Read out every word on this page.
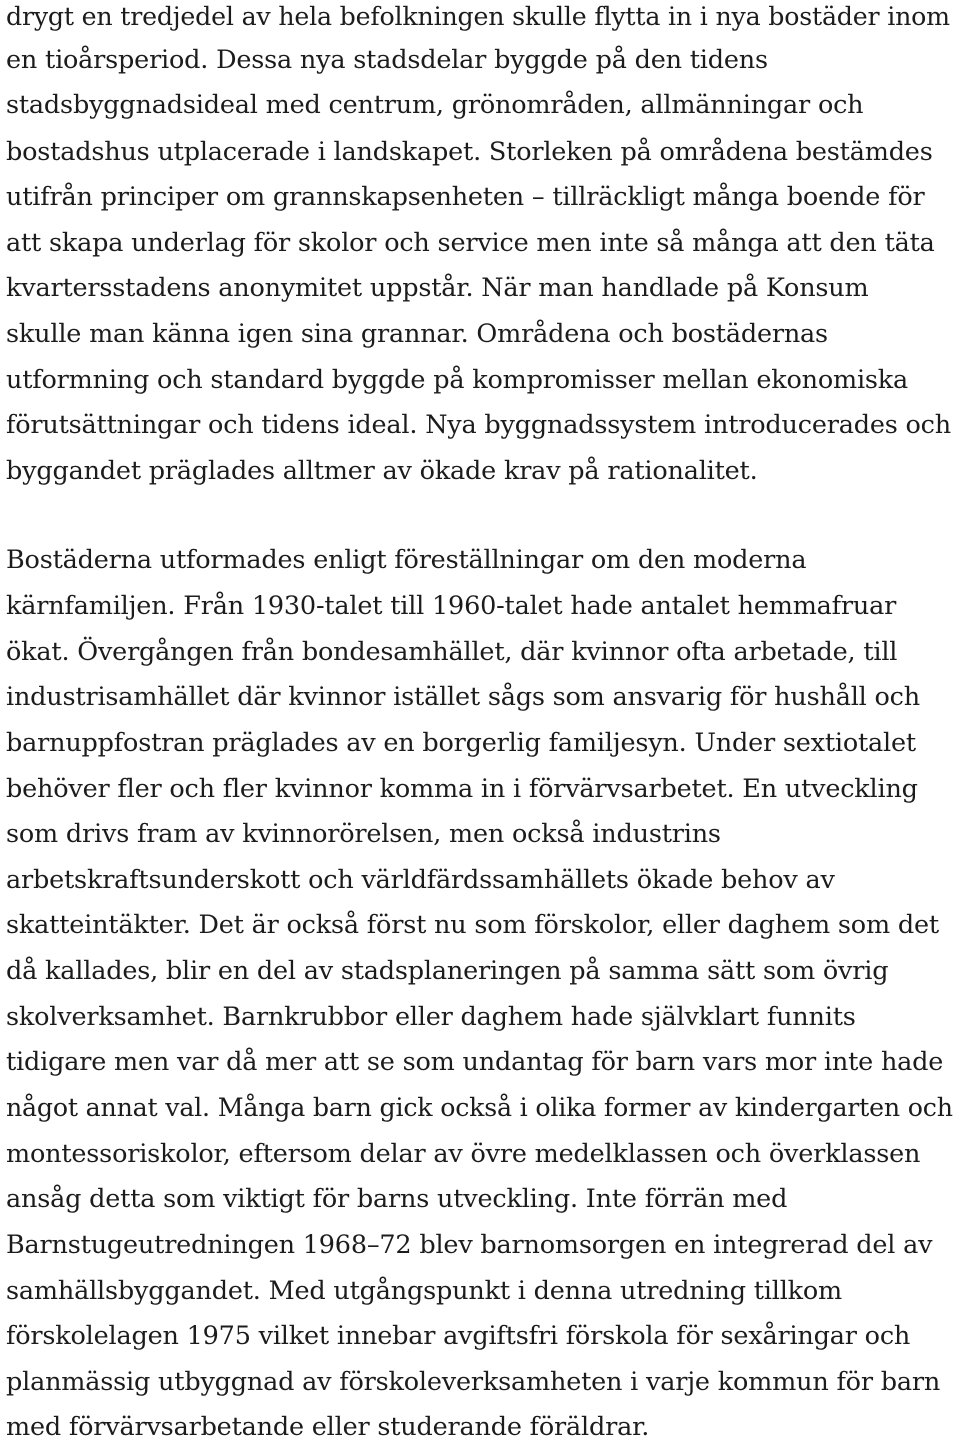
drygt en tredjedel av hela befolkningen skulle flytta in i nya bostäder inom

en tioårsperiod. Dessa nya stadsdelar byggde på den tidens

stadsbyggnadsideal med centrum, grönområden, allmänningar och

bostadshus utplacerade i landskapet. Storleken på områdena bestämdes

utifrån principer om grannskapsenheten – tillräckligt många boende för

att skapa underlag för skolor och service men inte så många att den täta

kvartersstadens anonymitet uppstår. När man handlade på Konsum

skulle man känna igen sina grannar. Områdena och bostädernas

utformning och standard byggde på kompromisser mellan ekonomiska

förutsättningar och tidens ideal. Nya byggnadssystem introducerades och

byggandet präglades alltmer av ökade krav på rationalitet.

Bostäderna utformades enligt föreställningar om den moderna

kärnfamiljen. Från 1930-talet till 1960-talet hade antalet hemmafruar

ökat. Övergången från bondesamhället, där kvinnor ofta arbetade, till

industrisamhället där kvinnor istället sågs som ansvarig för hushåll och

barnuppfostran präglades av en borgerlig familjesyn. Under sextiotalet

behöver fler och fler kvinnor komma in i förvärvsarbetet. En utveckling

som drivs fram av kvinnorörelsen, men också industrins

arbetskraftsunderskott och världfärdssamhällets ökade behov av

skatteintäkter. Det är också först nu som förskolor, eller daghem som det

då kallades, blir en del av stadsplaneringen på samma sätt som övrig

skolverksamhet. Barnkrubbor eller daghem hade självklart funnits

tidigare men var då mer att se som undantag för barn vars mor inte hade

något annat val. Många barn gick också i olika former av kindergarten och

montessoriskolor, eftersom delar av övre medelklassen och överklassen

ansåg detta som viktigt för barns utveckling. Inte förrän med

Barnstugeutredningen 1968–72 blev barnomsorgen en integrerad del av

samhällsbyggandet. Med utgångspunkt i denna utredning tillkom

förskolelagen 1975 vilket innebar avgiftsfri förskola för sexåringar och

planmässig utbyggnad av förskoleverksamheten i varje kommun för barn

med förvärvsarbetande eller studerande föräldrar.
